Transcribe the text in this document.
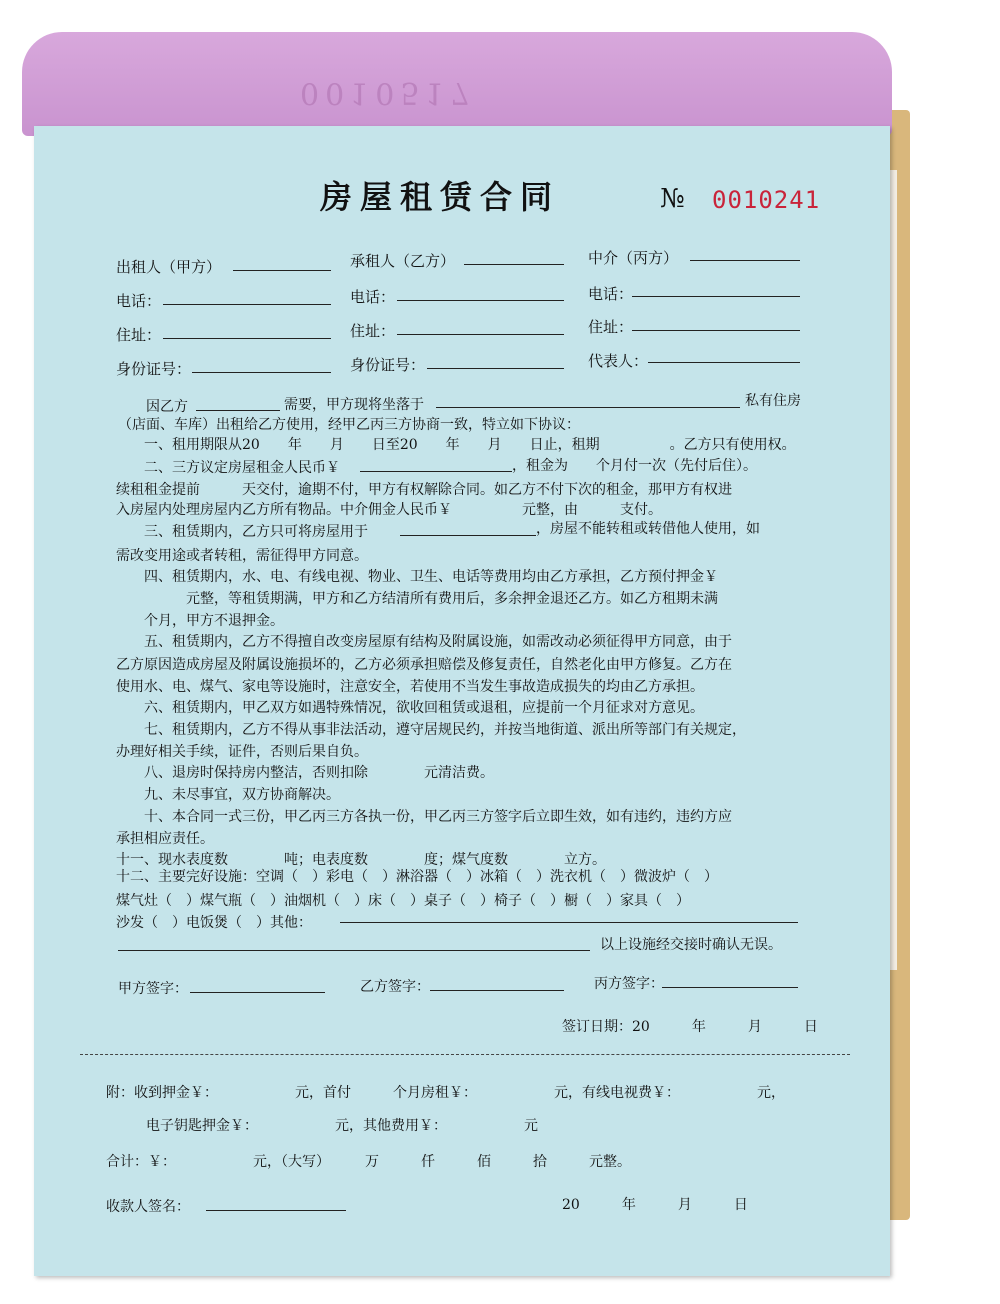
0010517
房屋租赁合同	№ 0010241
出租人（甲方）	承租人（乙方）	中介（丙方）
电话：	电话：	电话：
住址：	住址：	住址：
身份证号：	身份证号：	代表人：
因乙方	需要，甲方现将坐落于	私有住房
（店面、车库）出租给乙方使用，经甲乙丙三方协商一致，特立如下协议：
一、租用期限从20　　年　　月　　日至20　　年　　月　　日止，租期　　　　　。乙方只有使用权。
二、三方议定房屋租金人民币￥	，租金为　　个月付一次（先付后住）。
续租租金提前　　　天交付，逾期不付，甲方有权解除合同。如乙方不付下次的租金，那甲方有权进
入房屋内处理房屋内乙方所有物品。中介佣金人民币￥　　　　　元整，由　　　支付。
三、租赁期内，乙方只可将房屋用于	，房屋不能转租或转借他人使用，如
需改变用途或者转租，需征得甲方同意。
四、租赁期内，水、电、有线电视、物业、卫生、电话等费用均由乙方承担，乙方预付押金￥
　　　　　元整，等租赁期满，甲方和乙方结清所有费用后，多余押金退还乙方。如乙方租期未满
　　个月，甲方不退押金。
五、租赁期内，乙方不得擅自改变房屋原有结构及附属设施，如需改动必须征得甲方同意，由于
乙方原因造成房屋及附属设施损坏的，乙方必须承担赔偿及修复责任，自然老化由甲方修复。乙方在
使用水、电、煤气、家电等设施时，注意安全，若使用不当发生事故造成损失的均由乙方承担。
六、租赁期内，甲乙双方如遇特殊情况，欲收回租赁或退租，应提前一个月征求对方意见。
七、租赁期内，乙方不得从事非法活动，遵守居规民约，并按当地街道、派出所等部门有关规定，
办理好相关手续，证件，否则后果自负。
八、退房时保持房内整洁，否则扣除　　　　元清洁费。
九、未尽事宜，双方协商解决。
十、本合同一式三份，甲乙丙三方各执一份，甲乙丙三方签字后立即生效，如有违约，违约方应
承担相应责任。
十一、现水表度数　　　　吨；电表度数　　　　度；煤气度数　　　　立方。
十二、主要完好设施：空调（　）彩电（　）淋浴器（　）冰箱（　）洗衣机（　）微波炉（　）
煤气灶（　）煤气瓶（　）油烟机（　）床（　）桌子（　）椅子（　）橱（　）家具（　）
沙发（　）电饭煲（　）其他：
以上设施经交接时确认无误。
甲方签字：	乙方签字：	丙方签字：
签订日期：20　　　年　　　月　　　日
附：收到押金￥：　　　　　　元，首付　　　个月房租￥：　　　　　　元，有线电视费￥：　　　　　　元，
电子钥匙押金￥：　　　　　　元，其他费用￥：　　　　　　元
合计：￥：　　　　　　元，（大写）　　　万　　　仟　　　佰　　　拾　　　元整。
收款人签名：	20　　　年　　　月　　　日
